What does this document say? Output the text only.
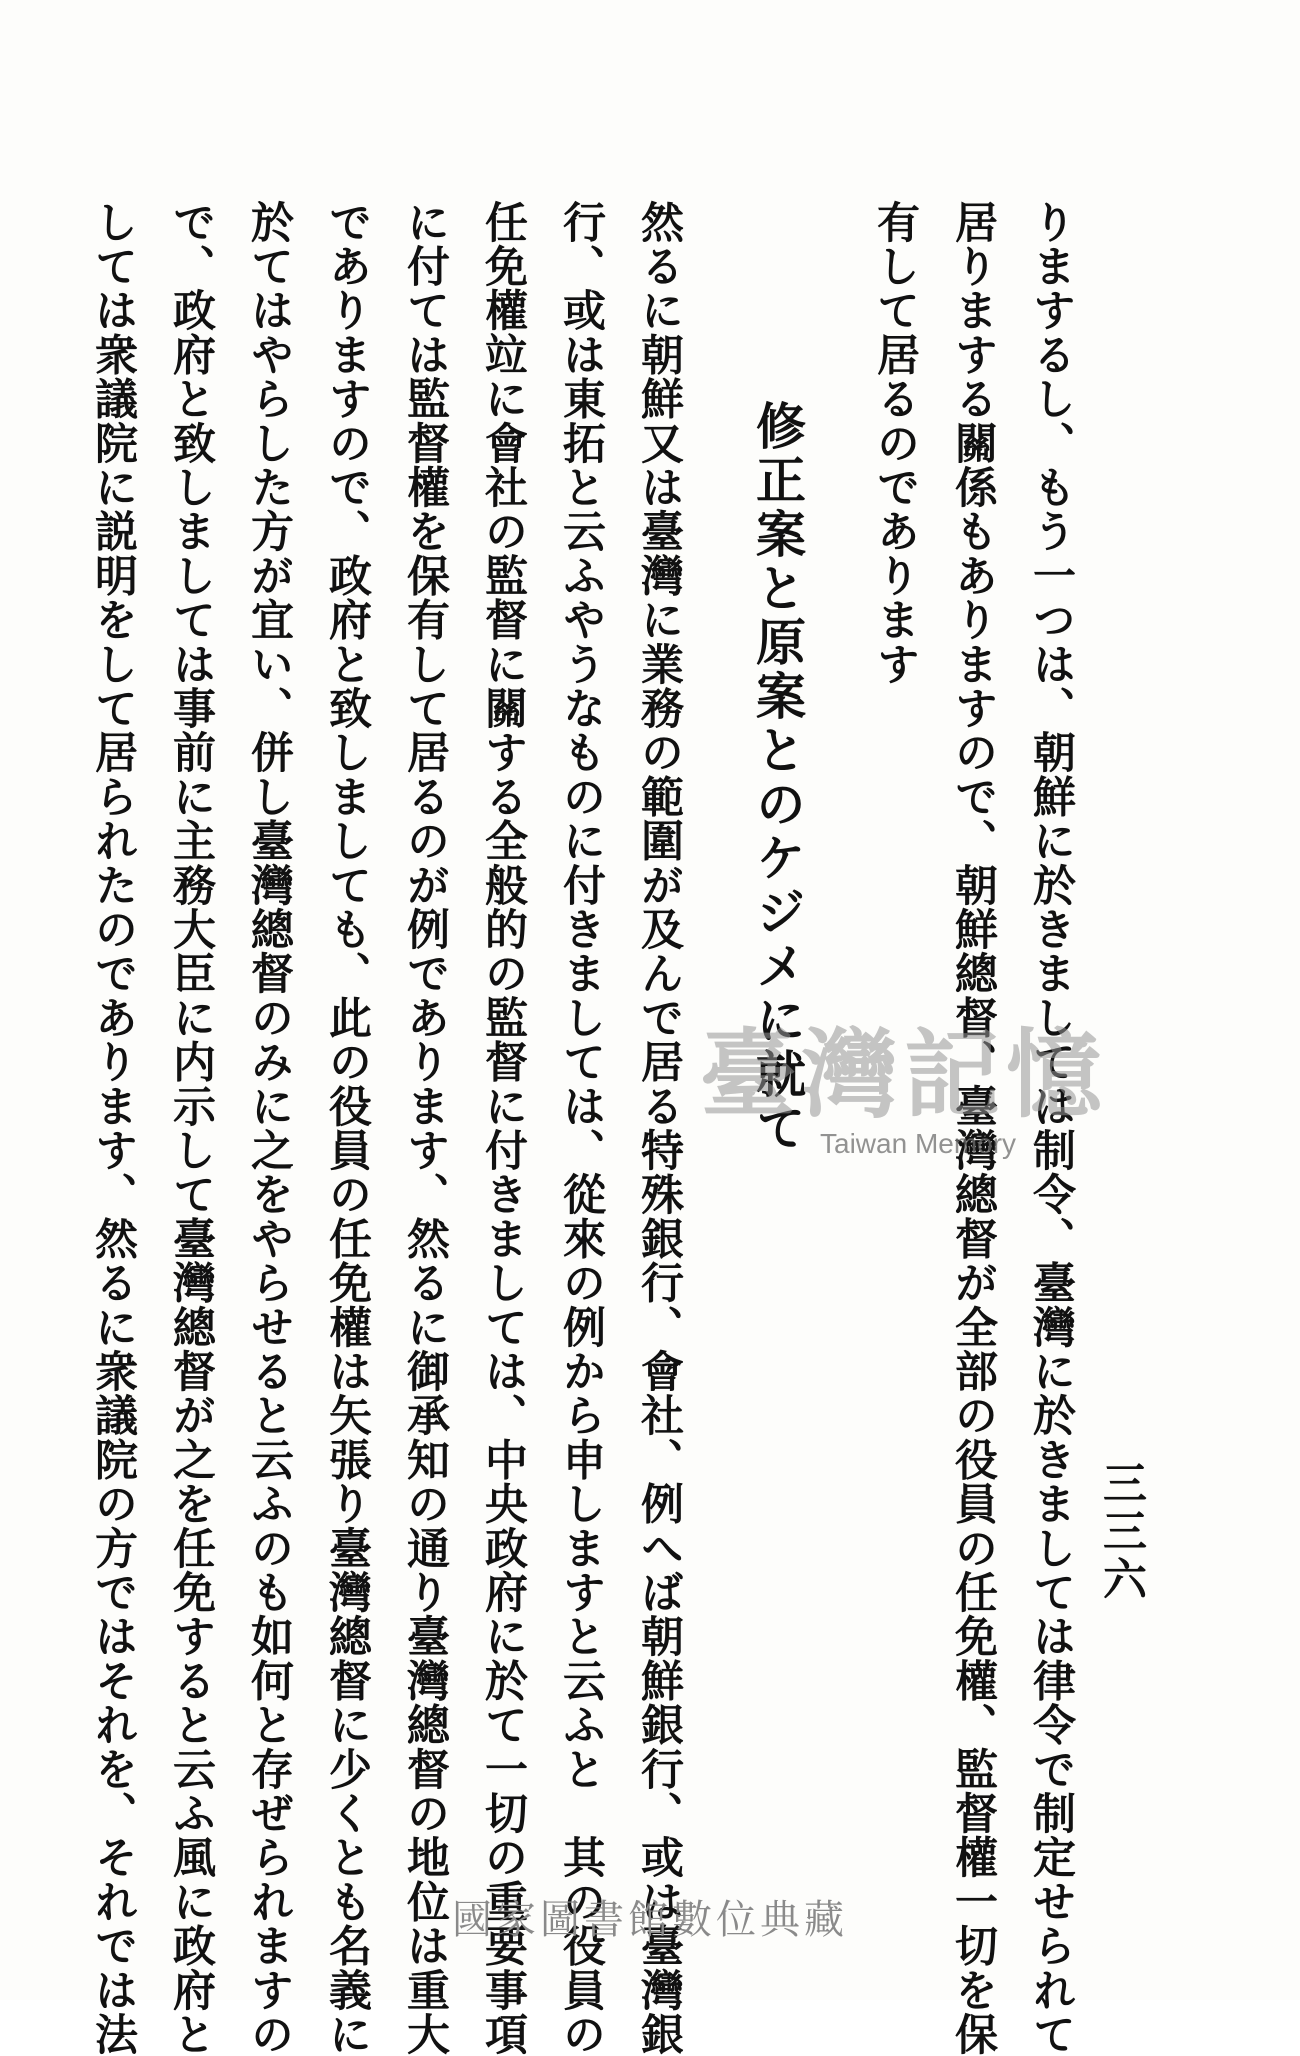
三三六
りまするし、もう一つは、朝鮮に於きましては制令、臺灣に於きましては律令で制定せられて
居りまする關係もありますので、朝鮮總督、臺灣總督が全部の役員の任免權、監督權一切を保
有して居るのであります
修正案と原案とのケジメに就て
然るに朝鮮又は臺灣に業務の範圍が及んで居る特殊銀行、會社、例へば朝鮮銀行、或は臺灣銀
行、或は東拓と云ふやうなものに付きましては、從來の例から申しますと云ふと　其の役員の
任免權竝に會社の監督に關する全般的の監督に付きましては、中央政府に於て一切の重要事項
に付ては監督權を保有して居るのが例であります、然るに御承知の通り臺灣總督の地位は重大
でありますので、政府と致しましても、此の役員の任免權は矢張り臺灣總督に少くとも名義に
於てはやらした方が宜い、併し臺灣總督のみに之をやらせると云ふのも如何と存ぜられますの
で、政府と致しましては事前に主務大臣に内示して臺灣總督が之を任免すると云ふ風に政府と
しては衆議院に説明をして居られたのであります、然るに衆議院の方ではそれを、それでは法	臺灣記憶
Taiwan Memory
國家圖書館數位典藏
